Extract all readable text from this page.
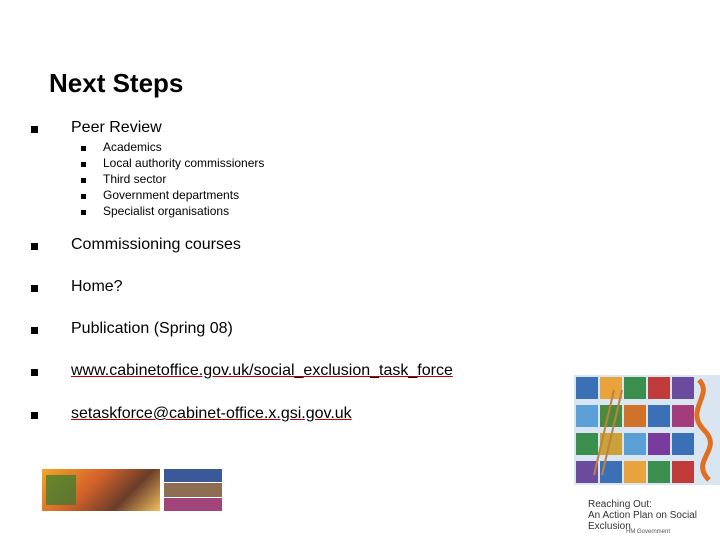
Next Steps
Peer Review
Academics
Local authority commissioners
Third sector
Government departments
Specialist organisations
Commissioning courses
Home?
Publication (Spring 08)
www.cabinetoffice.gov.uk/social_exclusion_task_force
setaskforce@cabinet-office.x.gsi.gov.uk
Reaching Out:
An Action Plan on Social Exclusion
HM Government
